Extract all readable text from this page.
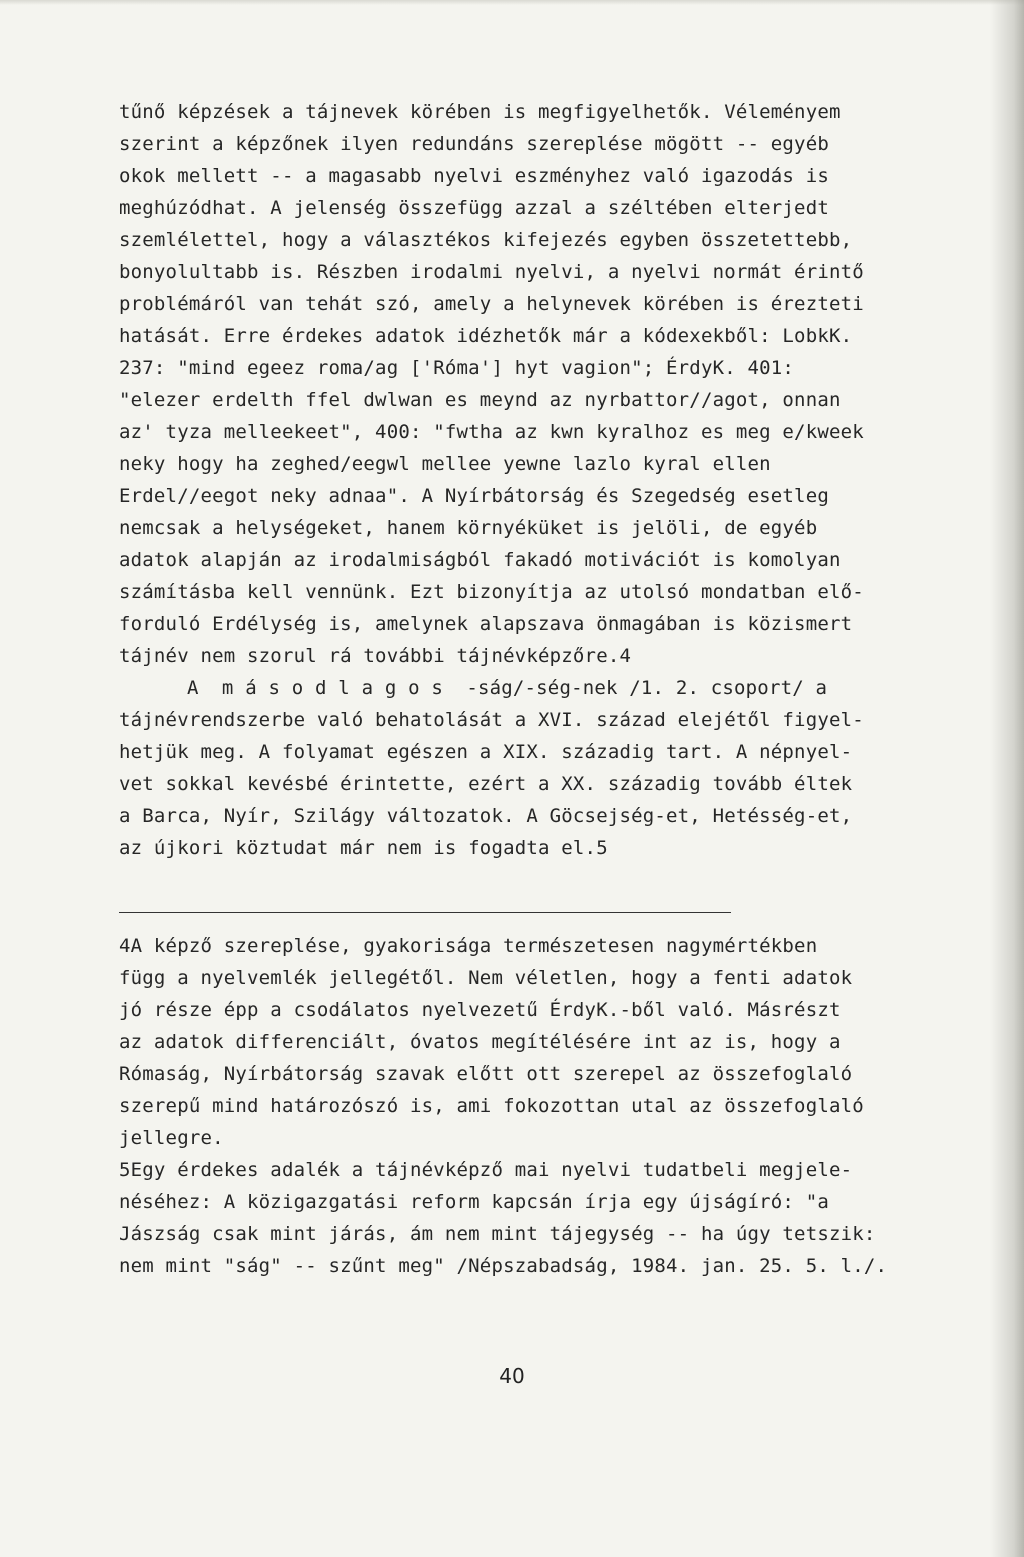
tűnő képzések a tájnevek körében is megfigyelhetők. Véleményem
szerint a képzőnek ilyen redundáns szereplése mögött -- egyéb
okok mellett -- a magasabb nyelvi eszményhez való igazodás is
meghúzódhat. A jelenség összefügg azzal a széltében elterjedt
szemlélettel, hogy a választékos kifejezés egyben összetettebb,
bonyolultabb is. Részben irodalmi nyelvi, a nyelvi normát érintő
problémáról van tehát szó, amely a helynevek körében is érezteti
hatását. Erre érdekes adatok idézhetők már a kódexekből: LobkK.
237: "mind egeez roma/ag ['Róma'] hyt vagion"; ÉrdyK. 401:
"elezer erdelth ffel dwlwan es meynd az nyrbattor//agot, onnan
az' tyza melleekeet", 400: "fwtha az kwn kyralhoz es meg e/kweek
neky hogy ha zeghed/eegwl mellee yewne lazlo kyral ellen
Erdel//eegot neky adnaa". A Nyírbátorság és Szegedség esetleg
nemcsak a helységeket, hanem környéküket is jelöli, de egyéb
adatok alapján az irodalmiságból fakadó motivációt is komolyan
számításba kell vennünk. Ezt bizonyítja az utolsó mondatban elő-
forduló Erdélység is, amelynek alapszava önmagában is közismert
tájnév nem szorul rá további tájnévképzőre.4
A  m á s o d l a g o s  -ság/-ség-nek /1. 2. csoport/ a
tájnévrendszerbe való behatolását a XVI. század elejétől figyel-
hetjük meg. A folyamat egészen a XIX. századig tart. A népnyel-
vet sokkal kevésbé érintette, ezért a XX. századig tovább éltek
a Barca, Nyír, Szilágy változatok. A Göcsejség-et, Hetésség-et,
az újkori köztudat már nem is fogadta el.5
4A képző szereplése, gyakorisága természetesen nagymértékben
függ a nyelvemlék jellegétől. Nem véletlen, hogy a fenti adatok
jó része épp a csodálatos nyelvezetű ÉrdyK.-ből való. Másrészt
az adatok differenciált, óvatos megítélésére int az is, hogy a
Rómaság, Nyírbátorság szavak előtt ott szerepel az összefoglaló
szerepű mind határozószó is, ami fokozottan utal az összefoglaló
jellegre.
5Egy érdekes adalék a tájnévképző mai nyelvi tudatbeli megjele-
néséhez: A közigazgatási reform kapcsán írja egy újságíró: "a
Jászság csak mint járás, ám nem mint tájegység -- ha úgy tetszik:
nem mint "ság" -- szűnt meg" /Népszabadság, 1984. jan. 25. 5. l./.
40
